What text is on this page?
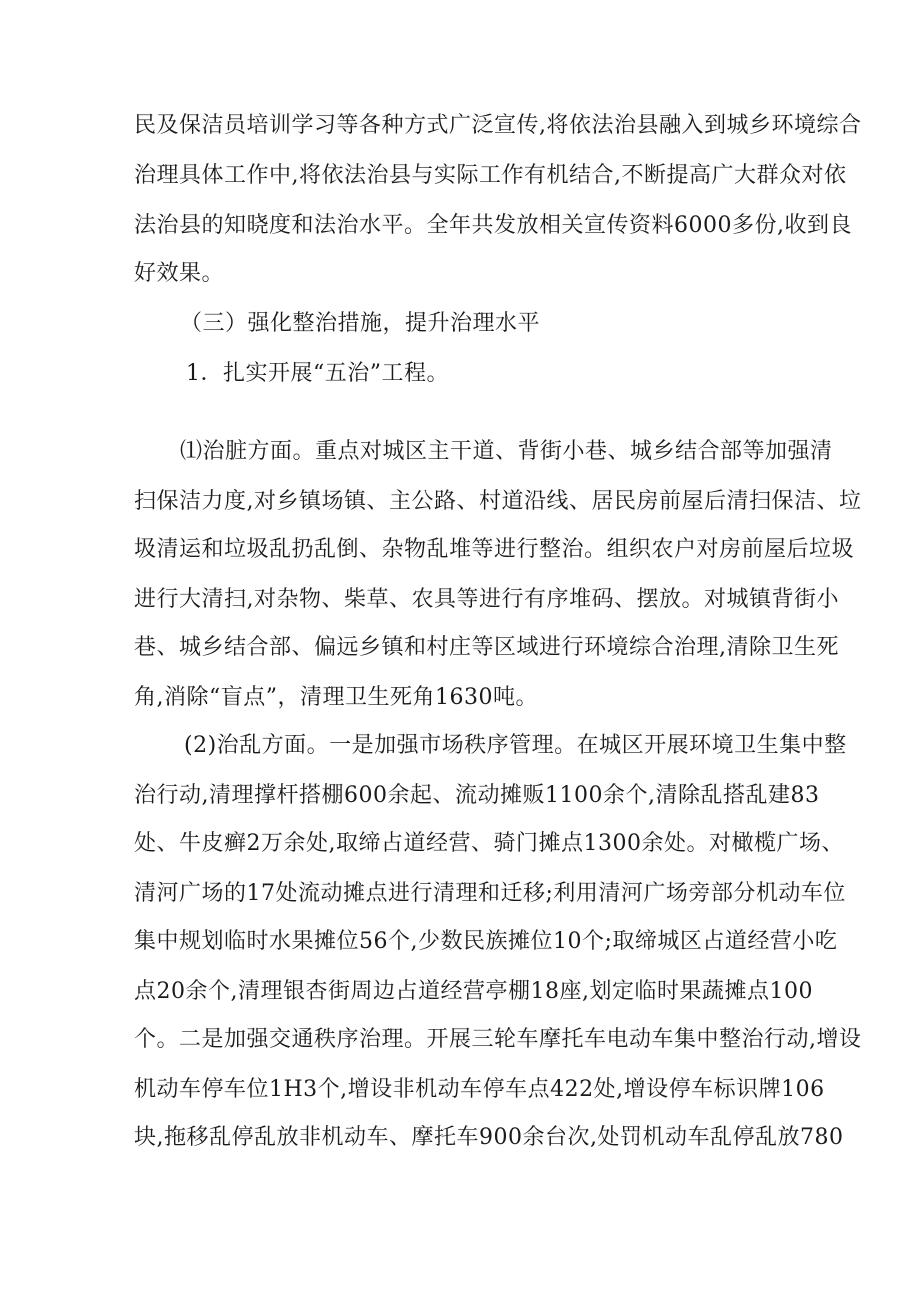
民及保洁员培训学习等各种方式广泛宣传,将依法治县融入到城乡环境综合
治理具体工作中,将依法治县与实际工作有机结合,不断提高广大群众对依
法治县的知晓度和法治水平。全年共发放相关宣传资料6000多份,收到良
好效果。
（三）强化整治措施，提升治理水平
1．扎实开展“五治”工程。
⑴治脏方面。重点对城区主干道、背街小巷、城乡结合部等加强清
扫保洁力度,对乡镇场镇、主公路、村道沿线、居民房前屋后清扫保洁、垃
圾清运和垃圾乱扔乱倒、杂物乱堆等进行整治。组织农户对房前屋后垃圾
进行大清扫,对杂物、柴草、农具等进行有序堆码、摆放。对城镇背街小
巷、城乡结合部、偏远乡镇和村庄等区域进行环境综合治理,清除卫生死
角,消除“盲点”，清理卫生死角1630吨。
(2)治乱方面。一是加强市场秩序管理。在城区开展环境卫生集中整
治行动,清理撑杆搭棚600余起、流动摊贩1100余个,清除乱搭乱建83
处、牛皮癣2万余处,取缔占道经营、骑门摊点1300余处。对橄榄广场、
清河广场的17处流动摊点进行清理和迁移;利用清河广场旁部分机动车位
集中规划临时水果摊位56个,少数民族摊位10个;取缔城区占道经营小吃
点20余个,清理银杏街周边占道经营亭棚18座,划定临时果蔬摊点100
个。二是加强交通秩序治理。开展三轮车摩托车电动车集中整治行动,增设
机动车停车位1H3个,增设非机动车停车点422处,增设停车标识牌106
块,拖移乱停乱放非机动车、摩托车900余台次,处罚机动车乱停乱放780
